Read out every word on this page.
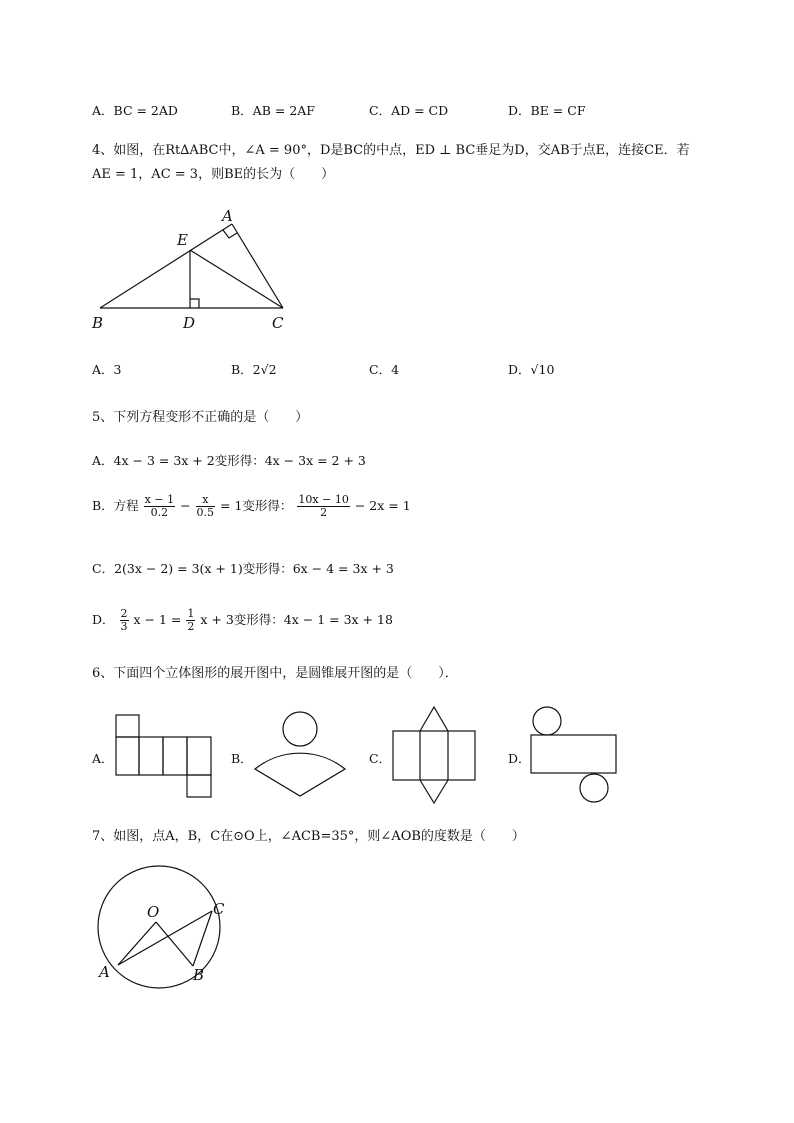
A．BC = 2AD	B．AB = 2AF	C．AD = CD	D．BE = CF
4、如图，在Rt∆ABC中，∠A = 90°，D是BC的中点，ED ⊥ BC垂足为D，交AB于点E，连接CE．若
AE = 1，AC = 3，则BE的长为（　　）
A
E
B	D	C
A．3	B．2√2	C．4	D．√10
5、下列方程变形不正确的是（　　）
A．4x − 3 = 3x + 2变形得：4x − 3x = 2 + 3
B．方程 $\frac{x - 1}{0.2} - \frac{x}{0.5} = 1$变形得： $\frac{10x - 10}{2} - 2x = 1$
C．2(3x − 2) = 3(x + 1)变形得：6x − 4 = 3x + 3
D． $\frac{2}{3}$ $x - 1 = \frac{1}{2}$ x + 3变形得：4x − 1 = 3x + 18
6、下面四个立体图形的展开图中，是圆锥展开图的是（　　）．
A．	B．	C．	D．
7、如图，点A，B，C在⊙O上，∠ACB=35°，则∠AOB的度数是（　　）
O	C
A	B
